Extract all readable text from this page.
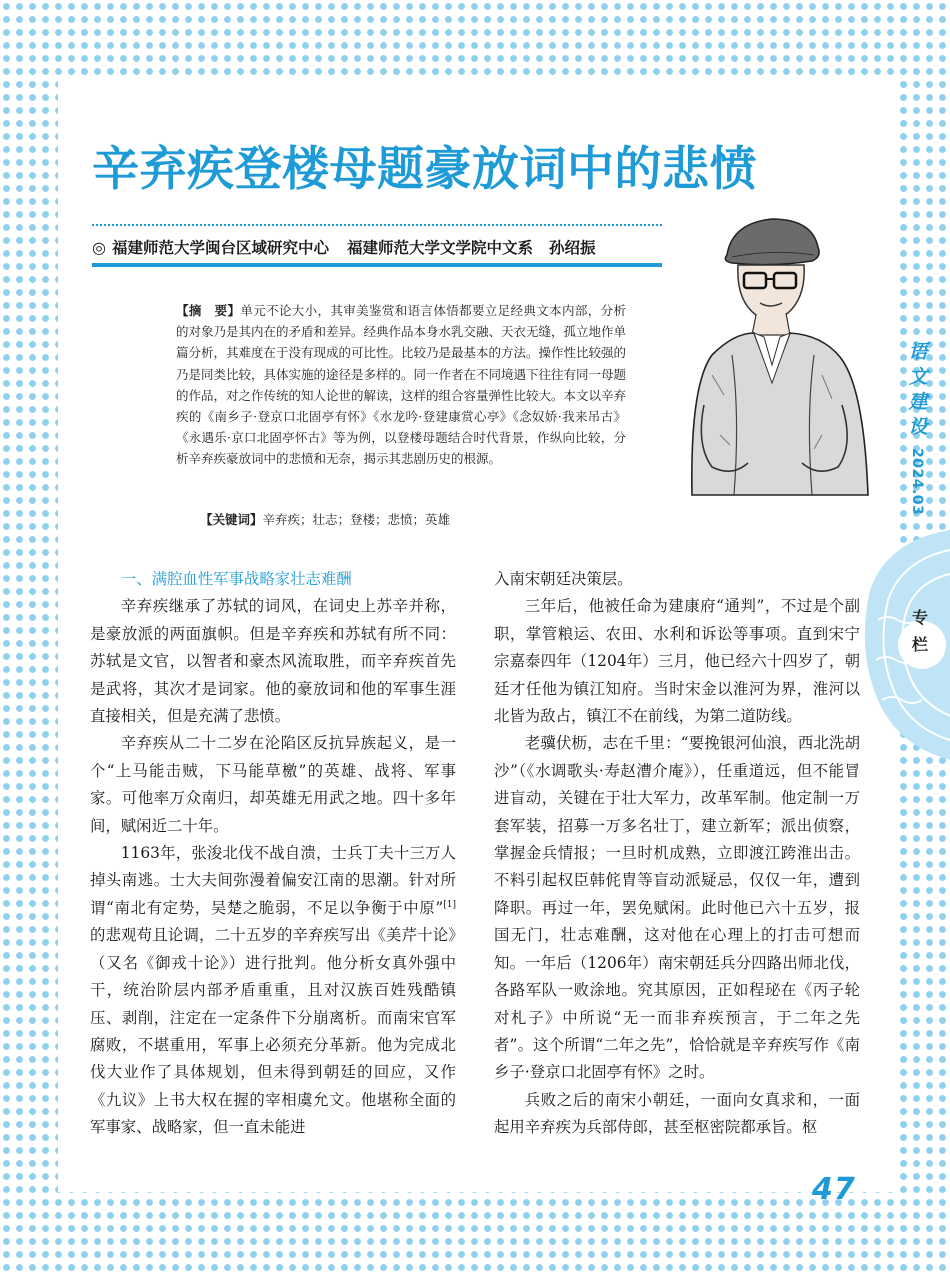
辛弃疾登楼母题豪放词中的悲愤
◎ 福建师范大学闽台区域研究中心 福建师范大学文学院中文系 孙绍振
【摘　要】单元不论大小，其审美鉴赏和语言体悟都要立足经典文本内部，分析的对象乃是其内在的矛盾和差异。经典作品本身水乳交融、天衣无缝，孤立地作单篇分析，其难度在于没有现成的可比性。比较乃是最基本的方法。操作性比较强的乃是同类比较，具体实施的途径是多样的。同一作者在不同境遇下往往有同一母题的作品，对之作传统的知人论世的解读，这样的组合容量弹性比较大。本文以辛弃疾的《南乡子·登京口北固亭有怀》《水龙吟·登建康赏心亭》《念奴娇·我来吊古》《永遇乐·京口北固亭怀古》等为例，以登楼母题结合时代背景，作纵向比较，分析辛弃疾豪放词中的悲愤和无奈，揭示其悲剧历史的根源。
【关键词】辛弃疾；壮志；登楼；悲愤；英雄
语
文
建
设
2024.03
专
栏
一、满腔血性军事战略家壮志难酬

辛弃疾继承了苏轼的词风，在词史上苏辛并称，是豪放派的两面旗帜。但是辛弃疾和苏轼有所不同：苏轼是文官，以智者和豪杰风流取胜，而辛弃疾首先是武将，其次才是词家。他的豪放词和他的军事生涯直接相关，但是充满了悲愤。

辛弃疾从二十二岁在沦陷区反抗异族起义，是一个“上马能击贼，下马能草檄”的英雄、战将、军事家。可他率万众南归，却英雄无用武之地。四十多年间，赋闲近二十年。

1163年，张浚北伐不战自溃，士兵丁夫十三万人掉头南逃。士大夫间弥漫着偏安江南的思潮。针对所谓“南北有定势，吴楚之脆弱，不足以争衡于中原”[1]的悲观苟且论调，二十五岁的辛弃疾写出《美芹十论》（又名《御戎十论》）进行批判。他分析女真外强中干，统治阶层内部矛盾重重，且对汉族百姓残酷镇压、剥削，注定在一定条件下分崩离析。而南宋官军腐败，不堪重用，军事上必须充分革新。他为完成北伐大业作了具体规划，但未得到朝廷的回应，又作《九议》上书大权在握的宰相虞允文。他堪称全面的军事家、战略家，但一直未能进

入南宋朝廷决策层。

三年后，他被任命为建康府“通判”，不过是个副职，掌管粮运、农田、水利和诉讼等事项。直到宋宁宗嘉泰四年（1204年）三月，他已经六十四岁了，朝廷才任他为镇江知府。当时宋金以淮河为界，淮河以北皆为敌占，镇江不在前线，为第二道防线。

老骥伏枥，志在千里：“要挽银河仙浪，西北洗胡沙”（《水调歌头·寿赵漕介庵》），任重道远，但不能冒进盲动，关键在于壮大军力，改革军制。他定制一万套军装，招募一万多名壮丁，建立新军；派出侦察，掌握金兵情报；一旦时机成熟，立即渡江跨淮出击。不料引起权臣韩侂胄等盲动派疑忌，仅仅一年，遭到降职。再过一年，罢免赋闲。此时他已六十五岁，报国无门，壮志难酬，这对他在心理上的打击可想而知。一年后（1206年）南宋朝廷兵分四路出师北伐，各路军队一败涂地。究其原因，正如程珌在《丙子轮对札子》中所说“无一而非弃疾预言，于二年之先者”。这个所谓“二年之先”，恰恰就是辛弃疾写作《南乡子·登京口北固亭有怀》之时。

兵败之后的南宋小朝廷，一面向女真求和，一面起用辛弃疾为兵部侍郎，甚至枢密院都承旨。枢

47
